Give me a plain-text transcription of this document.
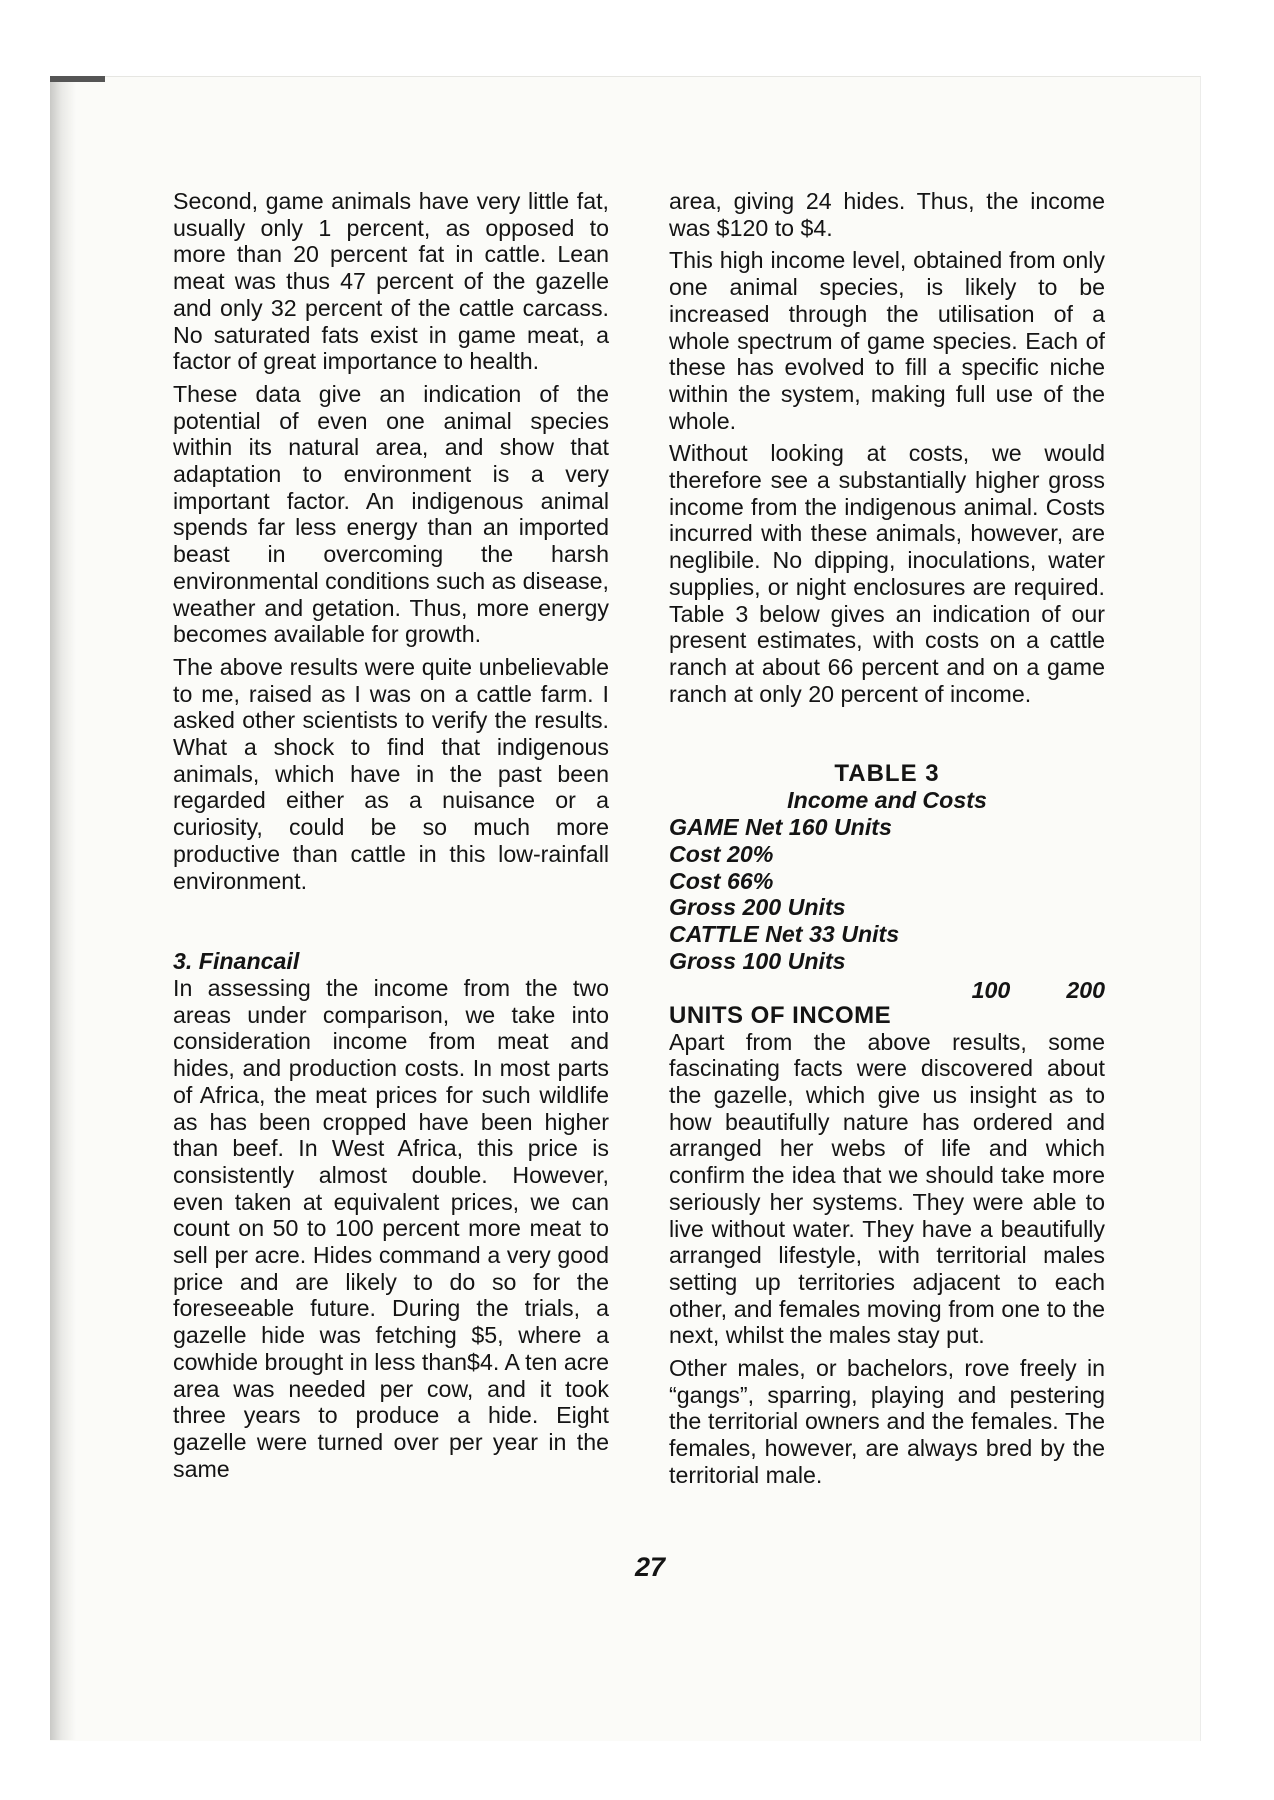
Second, game animals have very little fat, usually only 1 percent, as opposed to more than 20 percent fat in cattle. Lean meat was thus 47 percent of the gazelle and only 32 percent of the cattle carcass. No saturated fats exist in game meat, a factor of great importance to health.

These data give an indication of the potential of even one animal species within its natural area, and show that adaptation to environment is a very important factor. An indigenous animal spends far less energy than an imported beast in overcoming the harsh environmental conditions such as disease, weather and getation. Thus, more energy becomes available for growth.

The above results were quite unbelievable to me, raised as I was on a cattle farm. I asked other scientists to verify the results. What a shock to find that indigenous animals, which have in the past been regarded either as a nuisance or a curiosity, could be so much more productive than cattle in this low-rainfall environment.

3. Financail

In assessing the income from the two areas under comparison, we take into consideration income from meat and hides, and production costs. In most parts of Africa, the meat prices for such wildlife as has been cropped have been higher than beef. In West Africa, this price is consistently almost double. However, even taken at equivalent prices, we can count on 50 to 100 percent more meat to sell per acre. Hides command a very good price and are likely to do so for the foreseeable future. During the trials, a gazelle hide was fetching $5, where a cowhide brought in less than$4. A ten acre area was needed per cow, and it took three years to produce a hide. Eight gazelle were turned over per year in the same

area, giving 24 hides. Thus, the income was $120 to $4.

This high income level, obtained from only one animal species, is likely to be increased through the utilisation of a whole spectrum of game species. Each of these has evolved to fill a specific niche within the system, making full use of the whole.

Without looking at costs, we would therefore see a substantially higher gross income from the indigenous animal. Costs incurred with these animals, however, are neglibile. No dipping, inoculations, water supplies, or night enclosures are required. Table 3 below gives an indication of our present estimates, with costs on a cattle ranch at about 66 percent and on a game ranch at only 20 percent of income.

TABLE 3
Income and Costs
GAME Net 160 Units
Cost 20%
Cost 66%
Gross 200 Units
CATTLE Net 33 Units
Gross 100 Units
100 200
UNITS OF INCOME

Apart from the above results, some fascinating facts were discovered about the gazelle, which give us insight as to how beautifully nature has ordered and arranged her webs of life and which confirm the idea that we should take more seriously her systems. They were able to live without water. They have a beautifully arranged lifestyle, with territorial males setting up territories adjacent to each other, and females moving from one to the next, whilst the males stay put.

Other males, or bachelors, rove freely in “gangs”, sparring, playing and pestering the territorial owners and the females. The females, however, are always bred by the territorial male.

27
